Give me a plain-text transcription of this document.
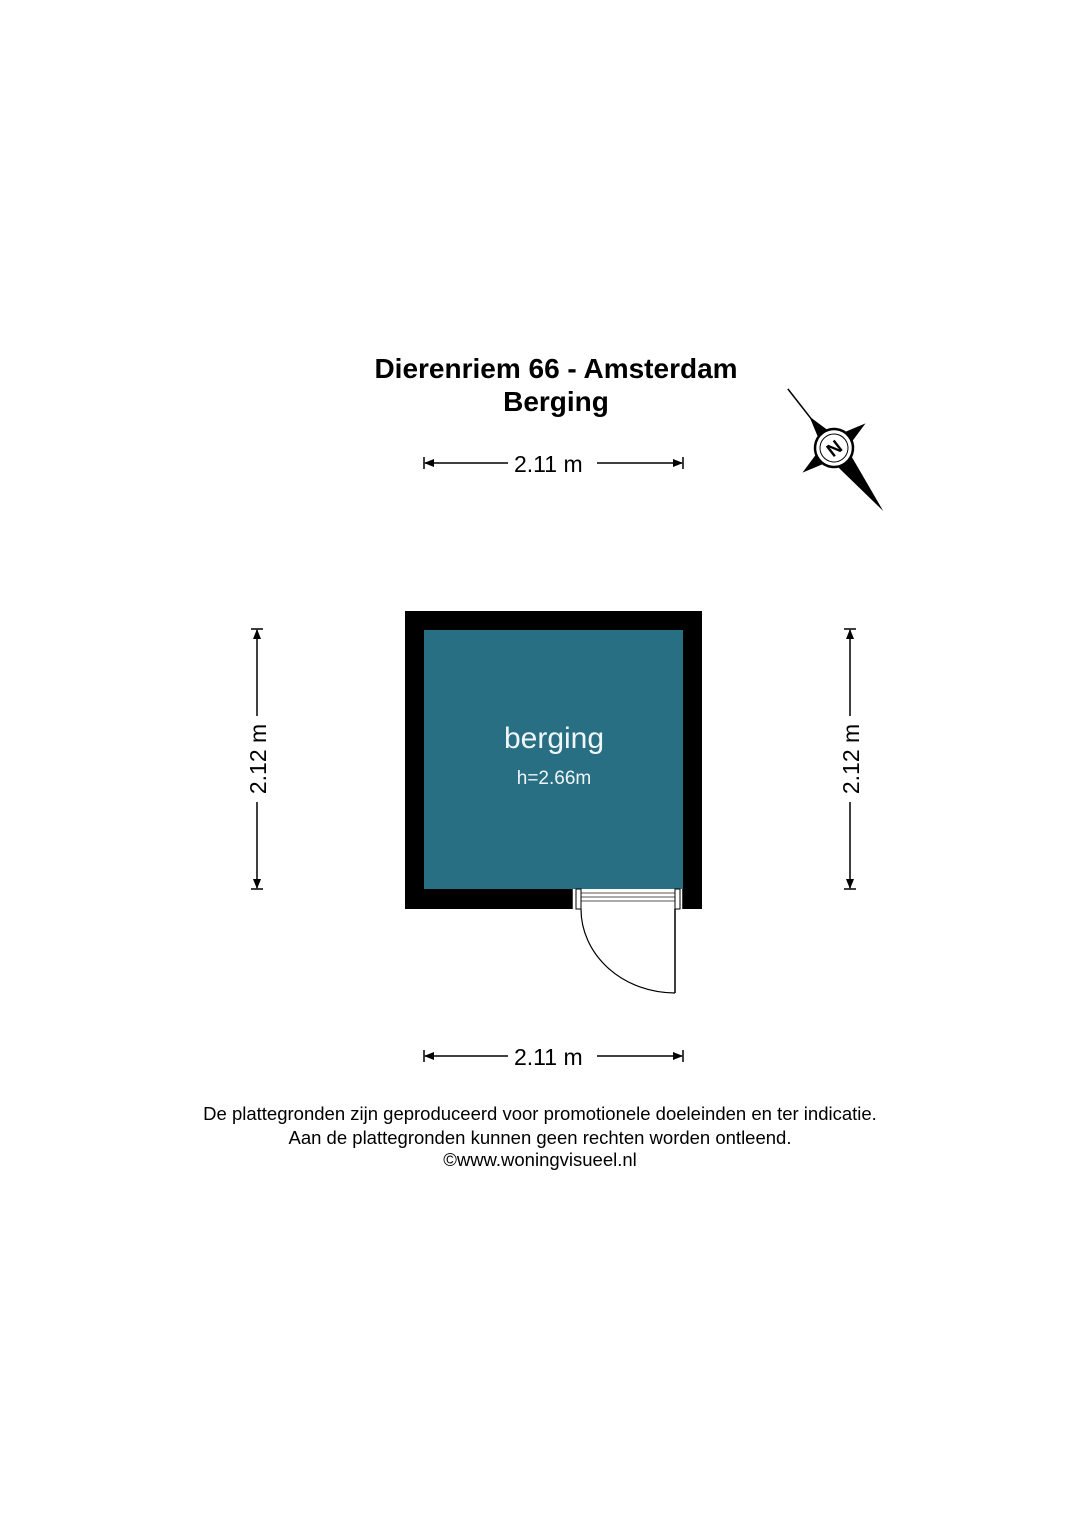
Dierenriem 66 - Amsterdam
Berging
N
2.12 m	2.12 m
2.11 m
2.11 m
berging
h=2.66m
De plattegronden zijn geproduceerd voor promotionele doeleinden en ter indicatie.
Aan de plattegronden kunnen geen rechten worden ontleend.
©www.woningvisueel.nl
